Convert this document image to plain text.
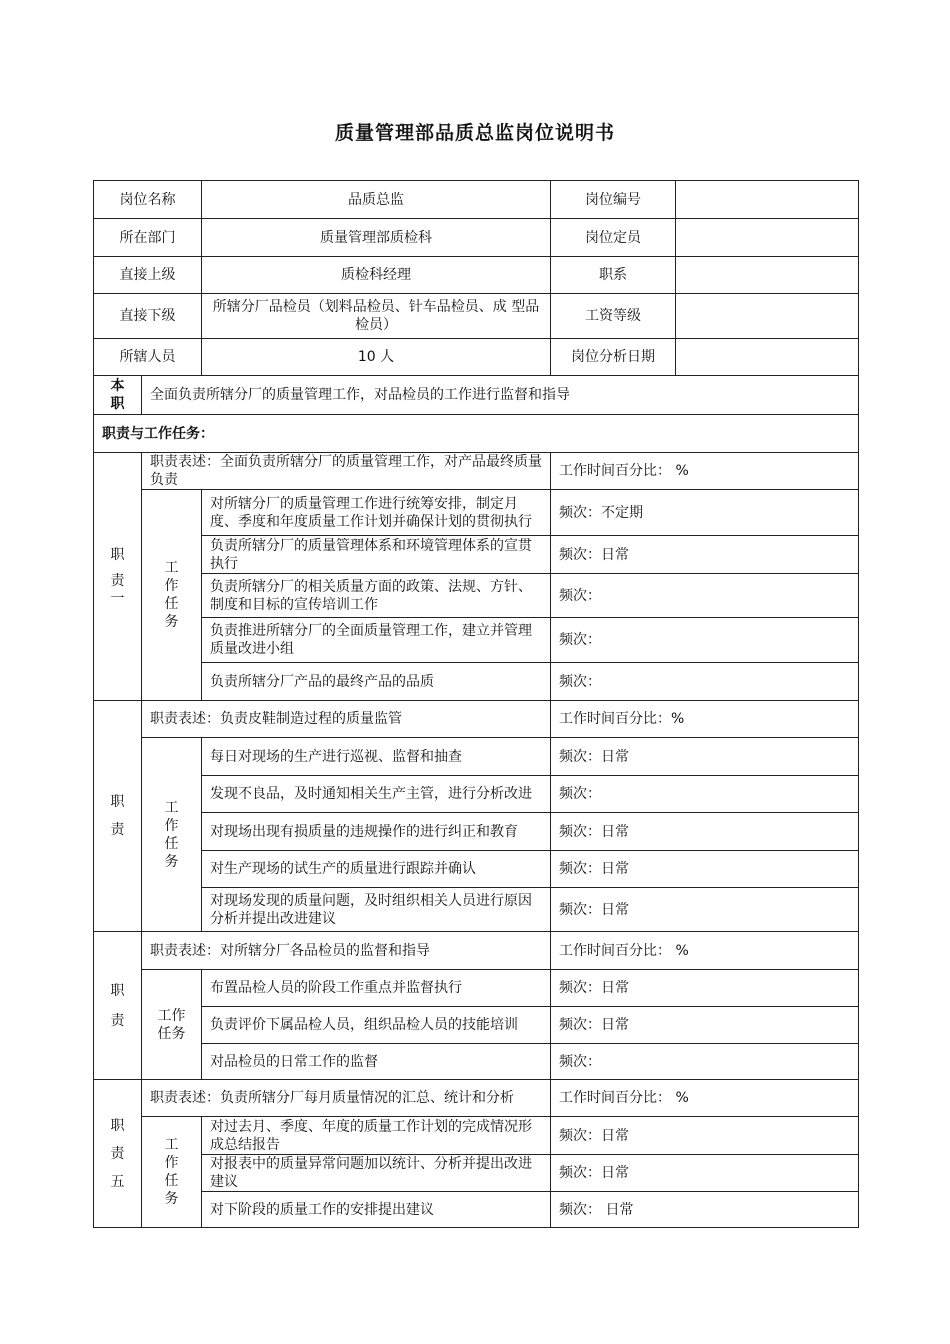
质量管理部品质总监岗位说明书
岗位名称		品质总监	岗位编号	
所在部门		质量管理部质检科	岗位定员	
直接上级		质检科经理	职系	
直接下级		所辖分厂品检员（划料品检员、针车品检员、成 型品检员）	工资等级	
所辖人员		10 人	岗位分析日期	

本
职	全面负责所辖分厂的质量管理工作，对品检员的工作进行监督和指导			
职责与工作任务：				

职
责
一	职责表述：全面负责所辖分厂的质量管理工作，对产品最终质量负责		工作时间百分比： %	

	工
作
任
务	对所辖分厂的质量管理工作进行统筹安排，制定月度、季度和年度质量工作计划并确保计划的贯彻执行	频次：不定期	
		负责所辖分厂的质量管理体系和环境管理体系的宣贯执行	频次：日常	
		负责所辖分厂的相关质量方面的政策、法规、方针、制度和目标的宣传培训工作	频次：	
		负责推进所辖分厂的全面质量管理工作，建立并管理质量改进小组	频次：	
		负责所辖分厂产品的最终产品的品质	频次：	

职
责	职责表述：负责皮鞋制造过程的质量监管		工作时间百分比：%	

	工
作
任
务	每日对现场的生产进行巡视、监督和抽查	频次：日常	
		发现不良品，及时通知相关生产主管，进行分析改进	频次：	
		对现场出现有损质量的违规操作的进行纠正和教育	频次：日常	
		对生产现场的试生产的质量进行跟踪并确认	频次：日常	
		对现场发现的质量问题，及时组织相关人员进行原因分析并提出改进建议	频次：日常	

职
责	职责表述：对所辖分厂各品检员的监督和指导		工作时间百分比： %	

	工作
任务	布置品检人员的阶段工作重点并监督执行	频次：日常	
		负责评价下属品检人员，组织品检人员的技能培训	频次：日常	
		对品检员的日常工作的监督	频次：	

职
责
五	职责表述：负责所辖分厂每月质量情况的汇总、统计和分析		工作时间百分比： %	

	工
作
任
务	对过去月、季度、年度的质量工作计划的完成情况形成总结报告	频次：日常	
		对报表中的质量异常问题加以统计、分析并提出改进建议	频次：日常	
		对下阶段的质量工作的安排提出建议	频次： 日常	
